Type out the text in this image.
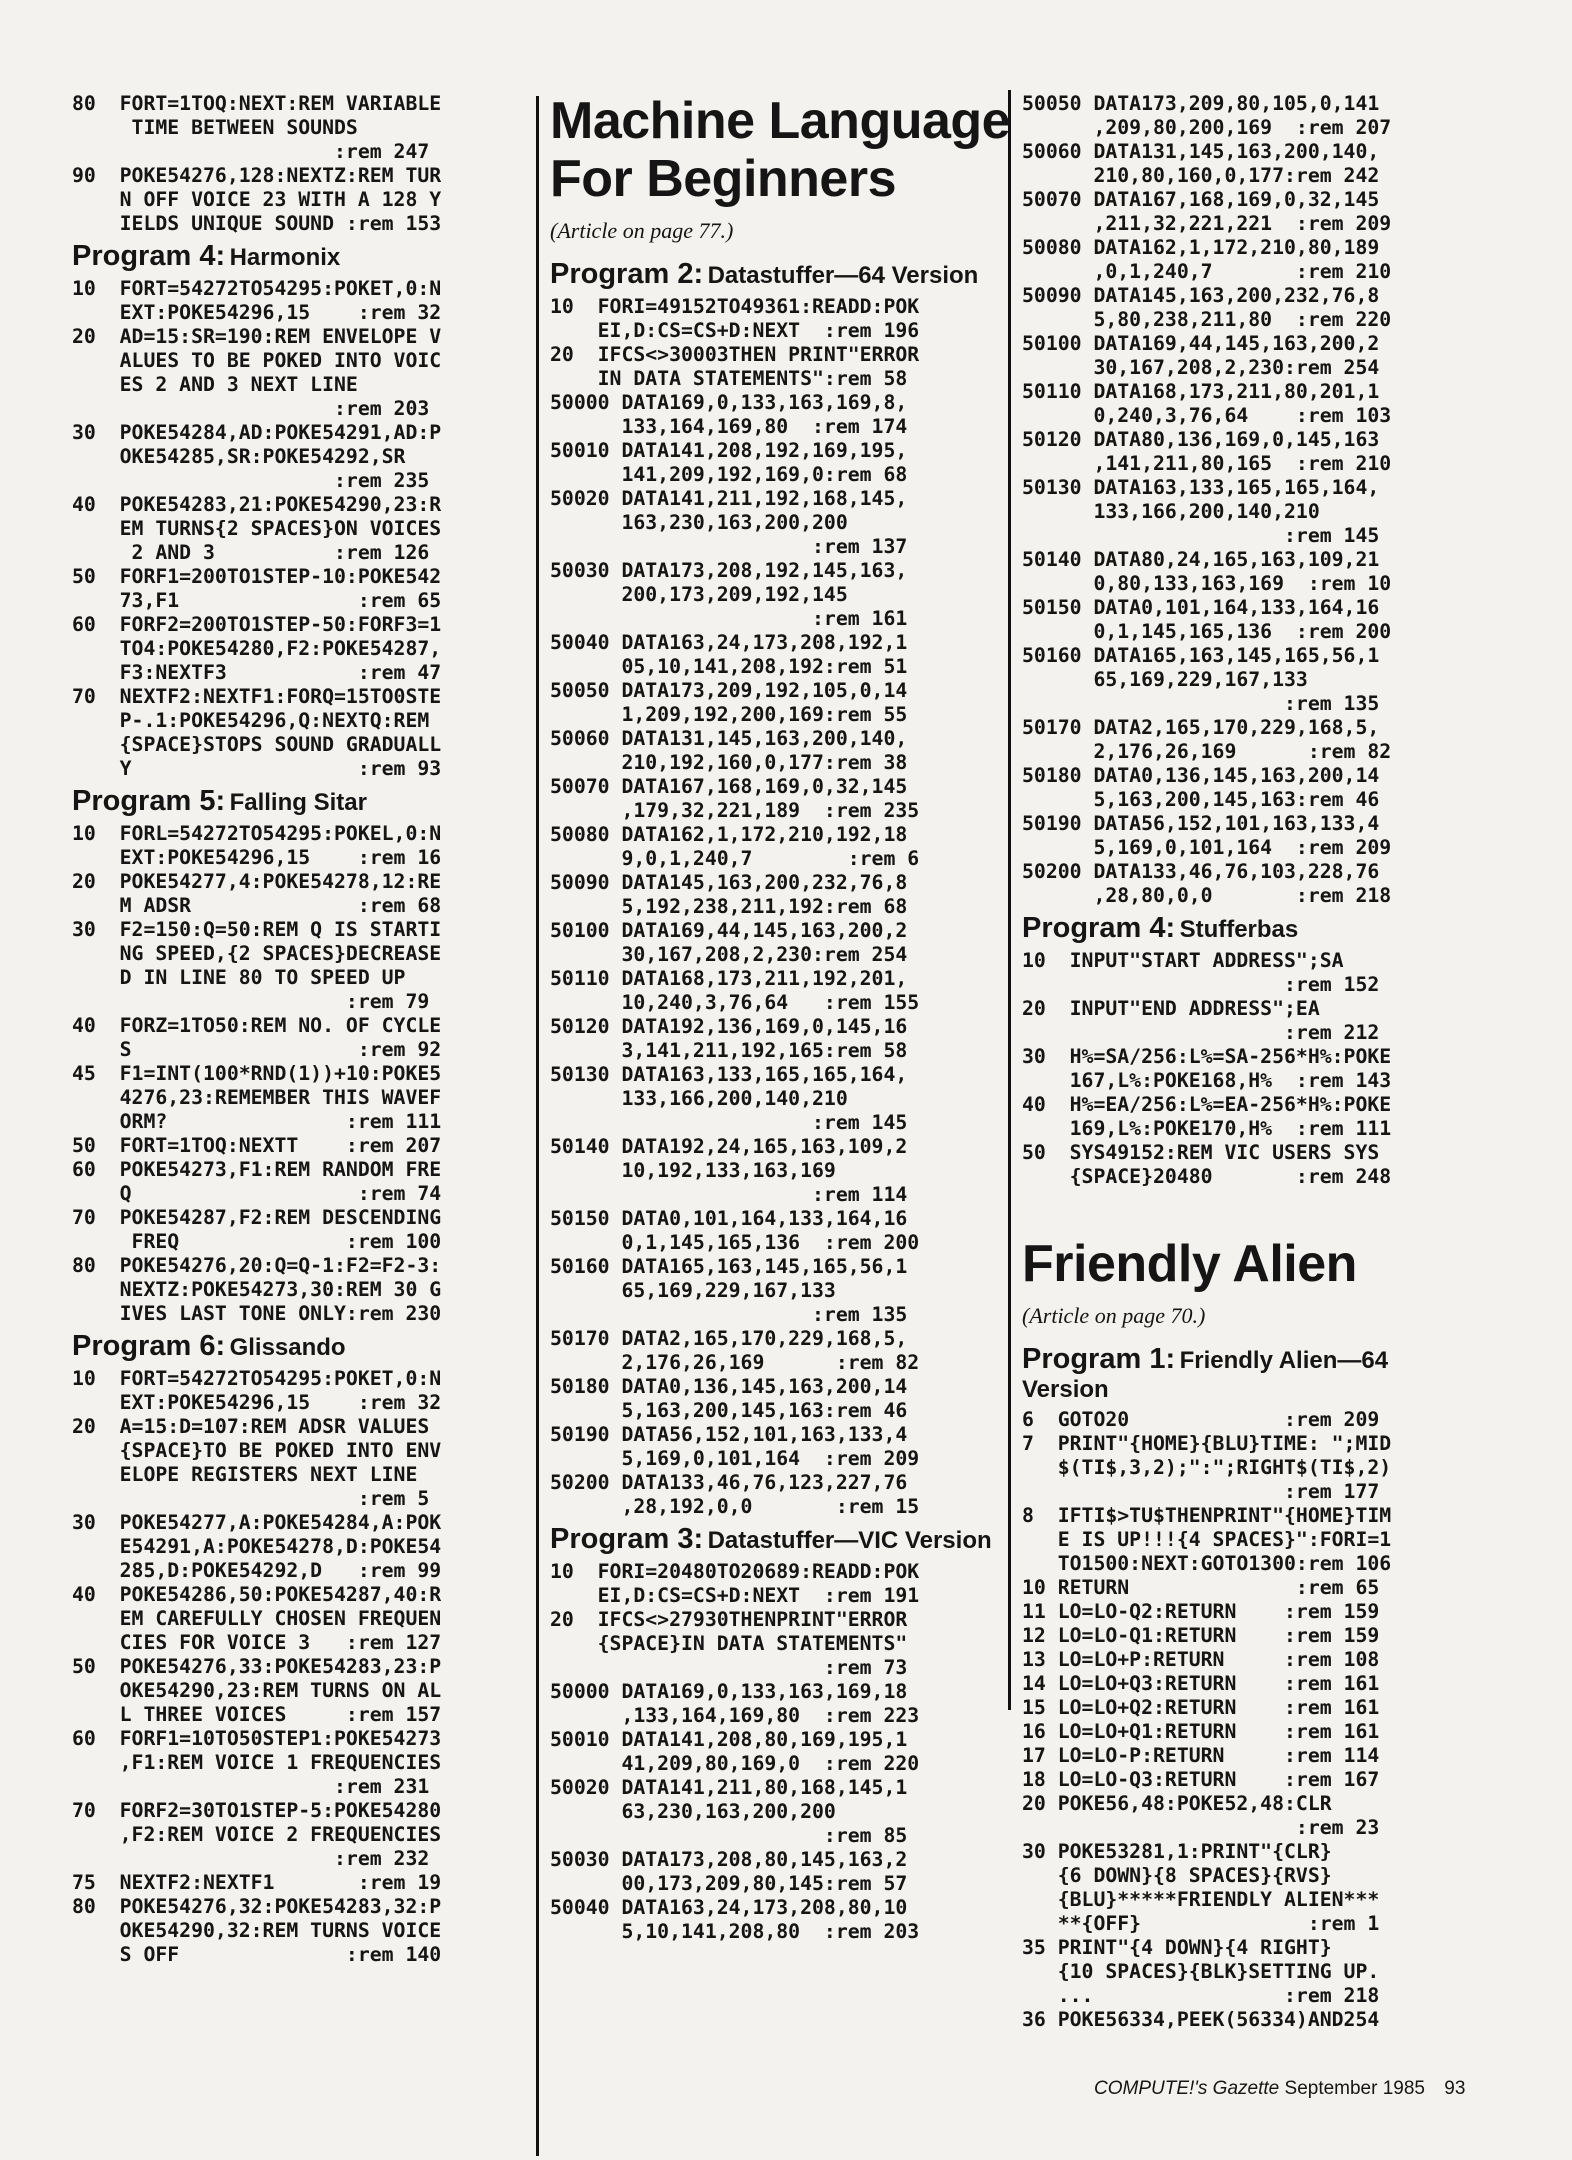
80  FORT=1TOQ:NEXT:REM VARIABLE
TIME BETWEEN SOUNDS
:rem 247
90  POKE54276,128:NEXTZ:REM TUR
N OFF VOICE 23 WITH A 128 Y
IELDS UNIQUE SOUND :rem 153
Program 4: Harmonix
10  FORT=54272TO54295:POKET,0:N
EXT:POKE54296,15    :rem 32
20  AD=15:SR=190:REM ENVELOPE V
ALUES TO BE POKED INTO VOIC
ES 2 AND 3 NEXT LINE
:rem 203
30  POKE54284,AD:POKE54291,AD:P
OKE54285,SR:POKE54292,SR
:rem 235
40  POKE54283,21:POKE54290,23:R
EM TURNS{2 SPACES}ON VOICES
2 AND 3          :rem 126
50  FORF1=200TO1STEP-10:POKE542
73,F1               :rem 65
60  FORF2=200TO1STEP-50:FORF3=1
TO4:POKE54280,F2:POKE54287,
F3:NEXTF3           :rem 47
70  NEXTF2:NEXTF1:FORQ=15TO0STE
P-.1:POKE54296,Q:NEXTQ:REM
{SPACE}STOPS SOUND GRADUALL
Y                   :rem 93
Program 5: Falling Sitar
10  FORL=54272TO54295:POKEL,0:N
EXT:POKE54296,15    :rem 16
20  POKE54277,4:POKE54278,12:RE
M ADSR              :rem 68
30  F2=150:Q=50:REM Q IS STARTI
NG SPEED,{2 SPACES}DECREASE
D IN LINE 80 TO SPEED UP
:rem 79
40  FORZ=1TO50:REM NO. OF CYCLE
S                   :rem 92
45  F1=INT(100*RND(1))+10:POKE5
4276,23:REMEMBER THIS WAVEF
ORM?               :rem 111
50  FORT=1TOQ:NEXTT    :rem 207
60  POKE54273,F1:REM RANDOM FRE
Q                   :rem 74
70  POKE54287,F2:REM DESCENDING
FREQ              :rem 100
80  POKE54276,20:Q=Q-1:F2=F2-3:
NEXTZ:POKE54273,30:REM 30 G
IVES LAST TONE ONLY:rem 230
Program 6: Glissando
10  FORT=54272TO54295:POKET,0:N
EXT:POKE54296,15    :rem 32
20  A=15:D=107:REM ADSR VALUES
{SPACE}TO BE POKED INTO ENV
ELOPE REGISTERS NEXT LINE
:rem 5
30  POKE54277,A:POKE54284,A:POK
E54291,A:POKE54278,D:POKE54
285,D:POKE54292,D   :rem 99
40  POKE54286,50:POKE54287,40:R
EM CAREFULLY CHOSEN FREQUEN
CIES FOR VOICE 3   :rem 127
50  POKE54276,33:POKE54283,23:P
OKE54290,23:REM TURNS ON AL
L THREE VOICES     :rem 157
60  FORF1=10TO50STEP1:POKE54273
,F1:REM VOICE 1 FREQUENCIES
:rem 231
70  FORF2=30TO1STEP-5:POKE54280
,F2:REM VOICE 2 FREQUENCIES
:rem 232
75  NEXTF2:NEXTF1       :rem 19
80  POKE54276,32:POKE54283,32:P
OKE54290,32:REM TURNS VOICE
S OFF              :rem 140
Machine Language For Beginners
(Article on page 77.)
Program 2: Datastuffer—64 Version
10  FORI=49152TO49361:READD:POK
EI,D:CS=CS+D:NEXT  :rem 196
20  IFCS<>30003THEN PRINT"ERROR
IN DATA STATEMENTS":rem 58
50000 DATA169,0,133,163,169,8,
133,164,169,80  :rem 174
50010 DATA141,208,192,169,195,
141,209,192,169,0:rem 68
50020 DATA141,211,192,168,145,
163,230,163,200,200
:rem 137
50030 DATA173,208,192,145,163,
200,173,209,192,145
:rem 161
50040 DATA163,24,173,208,192,1
05,10,141,208,192:rem 51
50050 DATA173,209,192,105,0,14
1,209,192,200,169:rem 55
50060 DATA131,145,163,200,140,
210,192,160,0,177:rem 38
50070 DATA167,168,169,0,32,145
,179,32,221,189  :rem 235
50080 DATA162,1,172,210,192,18
9,0,1,240,7        :rem 6
50090 DATA145,163,200,232,76,8
5,192,238,211,192:rem 68
50100 DATA169,44,145,163,200,2
30,167,208,2,230:rem 254
50110 DATA168,173,211,192,201,
10,240,3,76,64   :rem 155
50120 DATA192,136,169,0,145,16
3,141,211,192,165:rem 58
50130 DATA163,133,165,165,164,
133,166,200,140,210
:rem 145
50140 DATA192,24,165,163,109,2
10,192,133,163,169
:rem 114
50150 DATA0,101,164,133,164,16
0,1,145,165,136  :rem 200
50160 DATA165,163,145,165,56,1
65,169,229,167,133
:rem 135
50170 DATA2,165,170,229,168,5,
2,176,26,169      :rem 82
50180 DATA0,136,145,163,200,14
5,163,200,145,163:rem 46
50190 DATA56,152,101,163,133,4
5,169,0,101,164  :rem 209
50200 DATA133,46,76,123,227,76
,28,192,0,0       :rem 15
Program 3: Datastuffer—VIC Version
10  FORI=20480TO20689:READD:POK
EI,D:CS=CS+D:NEXT  :rem 191
20  IFCS<>27930THENPRINT"ERROR
{SPACE}IN DATA STATEMENTS"
:rem 73
50000 DATA169,0,133,163,169,18
,133,164,169,80  :rem 223
50010 DATA141,208,80,169,195,1
41,209,80,169,0  :rem 220
50020 DATA141,211,80,168,145,1
63,230,163,200,200
:rem 85
50030 DATA173,208,80,145,163,2
00,173,209,80,145:rem 57
50040 DATA163,24,173,208,80,10
5,10,141,208,80  :rem 203
50050 DATA173,209,80,105,0,141
,209,80,200,169  :rem 207
50060 DATA131,145,163,200,140,
210,80,160,0,177:rem 242
50070 DATA167,168,169,0,32,145
,211,32,221,221  :rem 209
50080 DATA162,1,172,210,80,189
,0,1,240,7       :rem 210
50090 DATA145,163,200,232,76,8
5,80,238,211,80  :rem 220
50100 DATA169,44,145,163,200,2
30,167,208,2,230:rem 254
50110 DATA168,173,211,80,201,1
0,240,3,76,64    :rem 103
50120 DATA80,136,169,0,145,163
,141,211,80,165  :rem 210
50130 DATA163,133,165,165,164,
133,166,200,140,210
:rem 145
50140 DATA80,24,165,163,109,21
0,80,133,163,169  :rem 10
50150 DATA0,101,164,133,164,16
0,1,145,165,136  :rem 200
50160 DATA165,163,145,165,56,1
65,169,229,167,133
:rem 135
50170 DATA2,165,170,229,168,5,
2,176,26,169      :rem 82
50180 DATA0,136,145,163,200,14
5,163,200,145,163:rem 46
50190 DATA56,152,101,163,133,4
5,169,0,101,164  :rem 209
50200 DATA133,46,76,103,228,76
,28,80,0,0       :rem 218
Program 4: Stufferbas
10  INPUT"START ADDRESS";SA
:rem 152
20  INPUT"END ADDRESS";EA
:rem 212
30  H%=SA/256:L%=SA-256*H%:POKE
167,L%:POKE168,H%  :rem 143
40  H%=EA/256:L%=EA-256*H%:POKE
169,L%:POKE170,H%  :rem 111
50  SYS49152:REM VIC USERS SYS
{SPACE}20480       :rem 248
Friendly Alien
(Article on page 70.)
Program 1: Friendly Alien—64 Version
6  GOTO20             :rem 209
7  PRINT"{HOME}{BLU}TIME: ";MID
$(TI$,3,2);":";RIGHT$(TI$,2)
:rem 177
8  IFTI$>TU$THENPRINT"{HOME}TIM
E IS UP!!!{4 SPACES}":FORI=1
TO1500:NEXT:GOTO1300:rem 106
10 RETURN              :rem 65
11 LO=LO-Q2:RETURN    :rem 159
12 LO=LO-Q1:RETURN    :rem 159
13 LO=LO+P:RETURN     :rem 108
14 LO=LO+Q3:RETURN    :rem 161
15 LO=LO+Q2:RETURN    :rem 161
16 LO=LO+Q1:RETURN    :rem 161
17 LO=LO-P:RETURN     :rem 114
18 LO=LO-Q3:RETURN    :rem 167
20 POKE56,48:POKE52,48:CLR
:rem 23
30 POKE53281,1:PRINT"{CLR}
{6 DOWN}{8 SPACES}{RVS}
{BLU}*****FRIENDLY ALIEN***
**{OFF}              :rem 1
35 PRINT"{4 DOWN}{4 RIGHT}
{10 SPACES}{BLK}SETTING UP.
...                :rem 218
36 POKE56334,PEEK(56334)AND254
COMPUTE!'s Gazette September 1985 93
